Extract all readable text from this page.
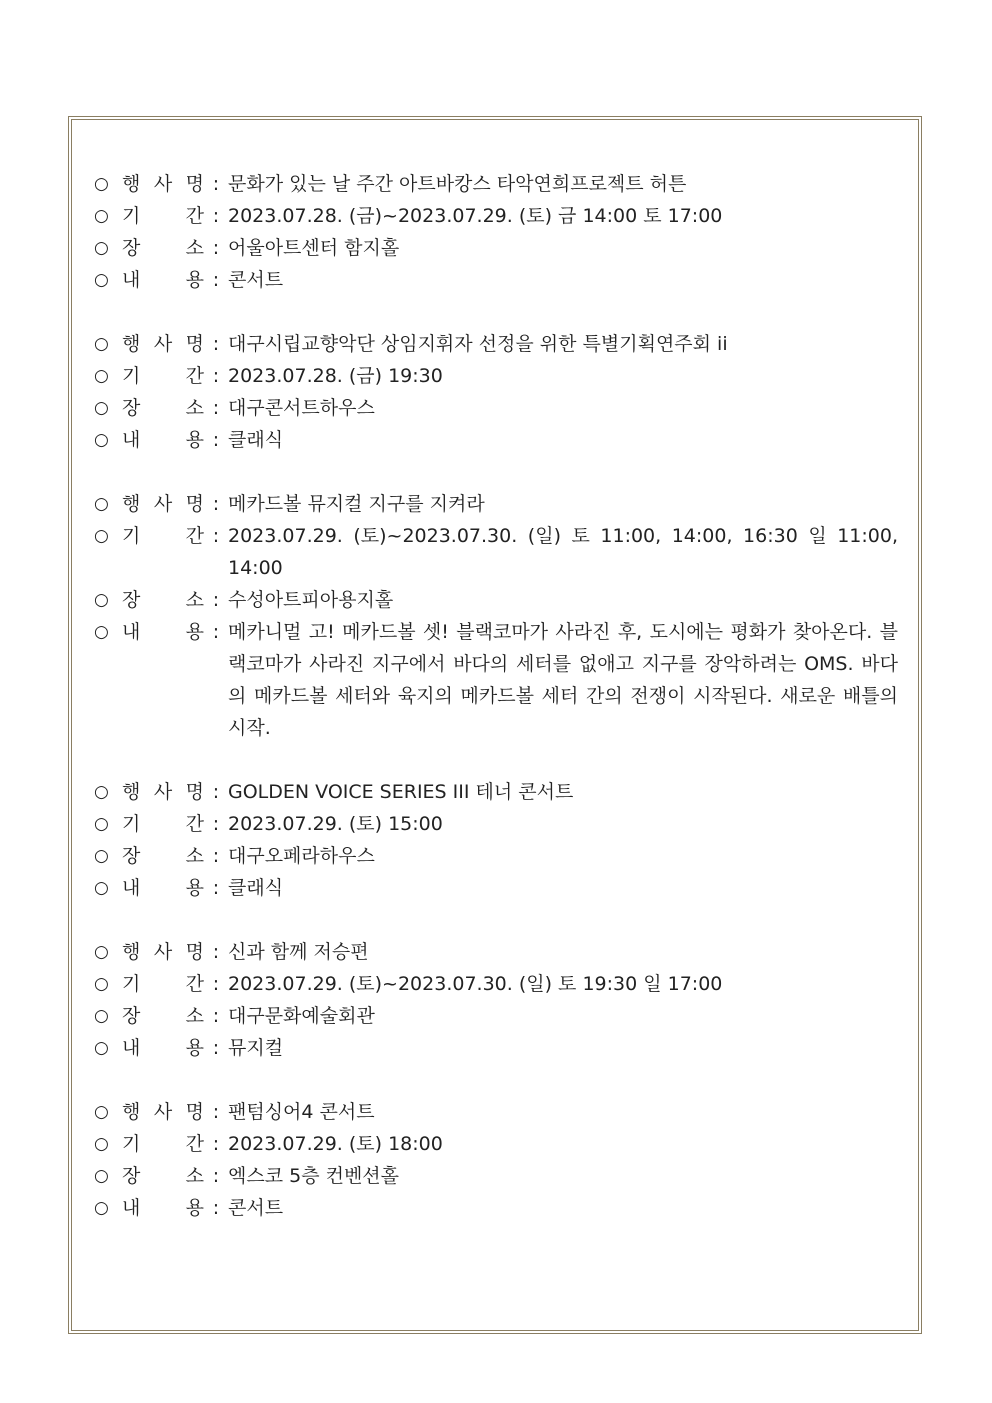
○ 행 사 명 : 문화가 있는 날 주간 아트바캉스 타악연희프로젝트 허튼
○ 기 간 : 2023.07.28. (금)~2023.07.29. (토) 금 14:00 토 17:00
○ 장 소 : 어울아트센터 함지홀
○ 내 용 : 콘서트
○ 행 사 명 : 대구시립교향악단 상임지휘자 선정을 위한 특별기획연주회 ii
○ 기 간 : 2023.07.28. (금) 19:30
○ 장 소 : 대구콘서트하우스
○ 내 용 : 클래식
○ 행 사 명 : 메카드볼 뮤지컬 지구를 지켜라
○ 기 간 : 2023.07.29. (토)~2023.07.30. (일) 토 11:00, 14:00, 16:30 일 11:00, 14:00
○ 장 소 : 수성아트피아용지홀
○ 내 용 : 메카니멀 고! 메카드볼 셋! 블랙코마가 사라진 후, 도시에는 평화가 찾아온다. 블랙코마가 사라진 지구에서 바다의 세터를 없애고 지구를 장악하려는 OMS. 바다의 메카드볼 세터와 육지의 메카드볼 세터 간의 전쟁이 시작된다. 새로운 배틀의 시작.
○ 행 사 명 : GOLDEN VOICE SERIES III 테너 콘서트
○ 기 간 : 2023.07.29. (토) 15:00
○ 장 소 : 대구오페라하우스
○ 내 용 : 클래식
○ 행 사 명 : 신과 함께 저승편
○ 기 간 : 2023.07.29. (토)~2023.07.30. (일) 토 19:30 일 17:00
○ 장 소 : 대구문화예술회관
○ 내 용 : 뮤지컬
○ 행 사 명 : 팬텀싱어4 콘서트
○ 기 간 : 2023.07.29. (토) 18:00
○ 장 소 : 엑스코 5층 컨벤션홀
○ 내 용 : 콘서트
